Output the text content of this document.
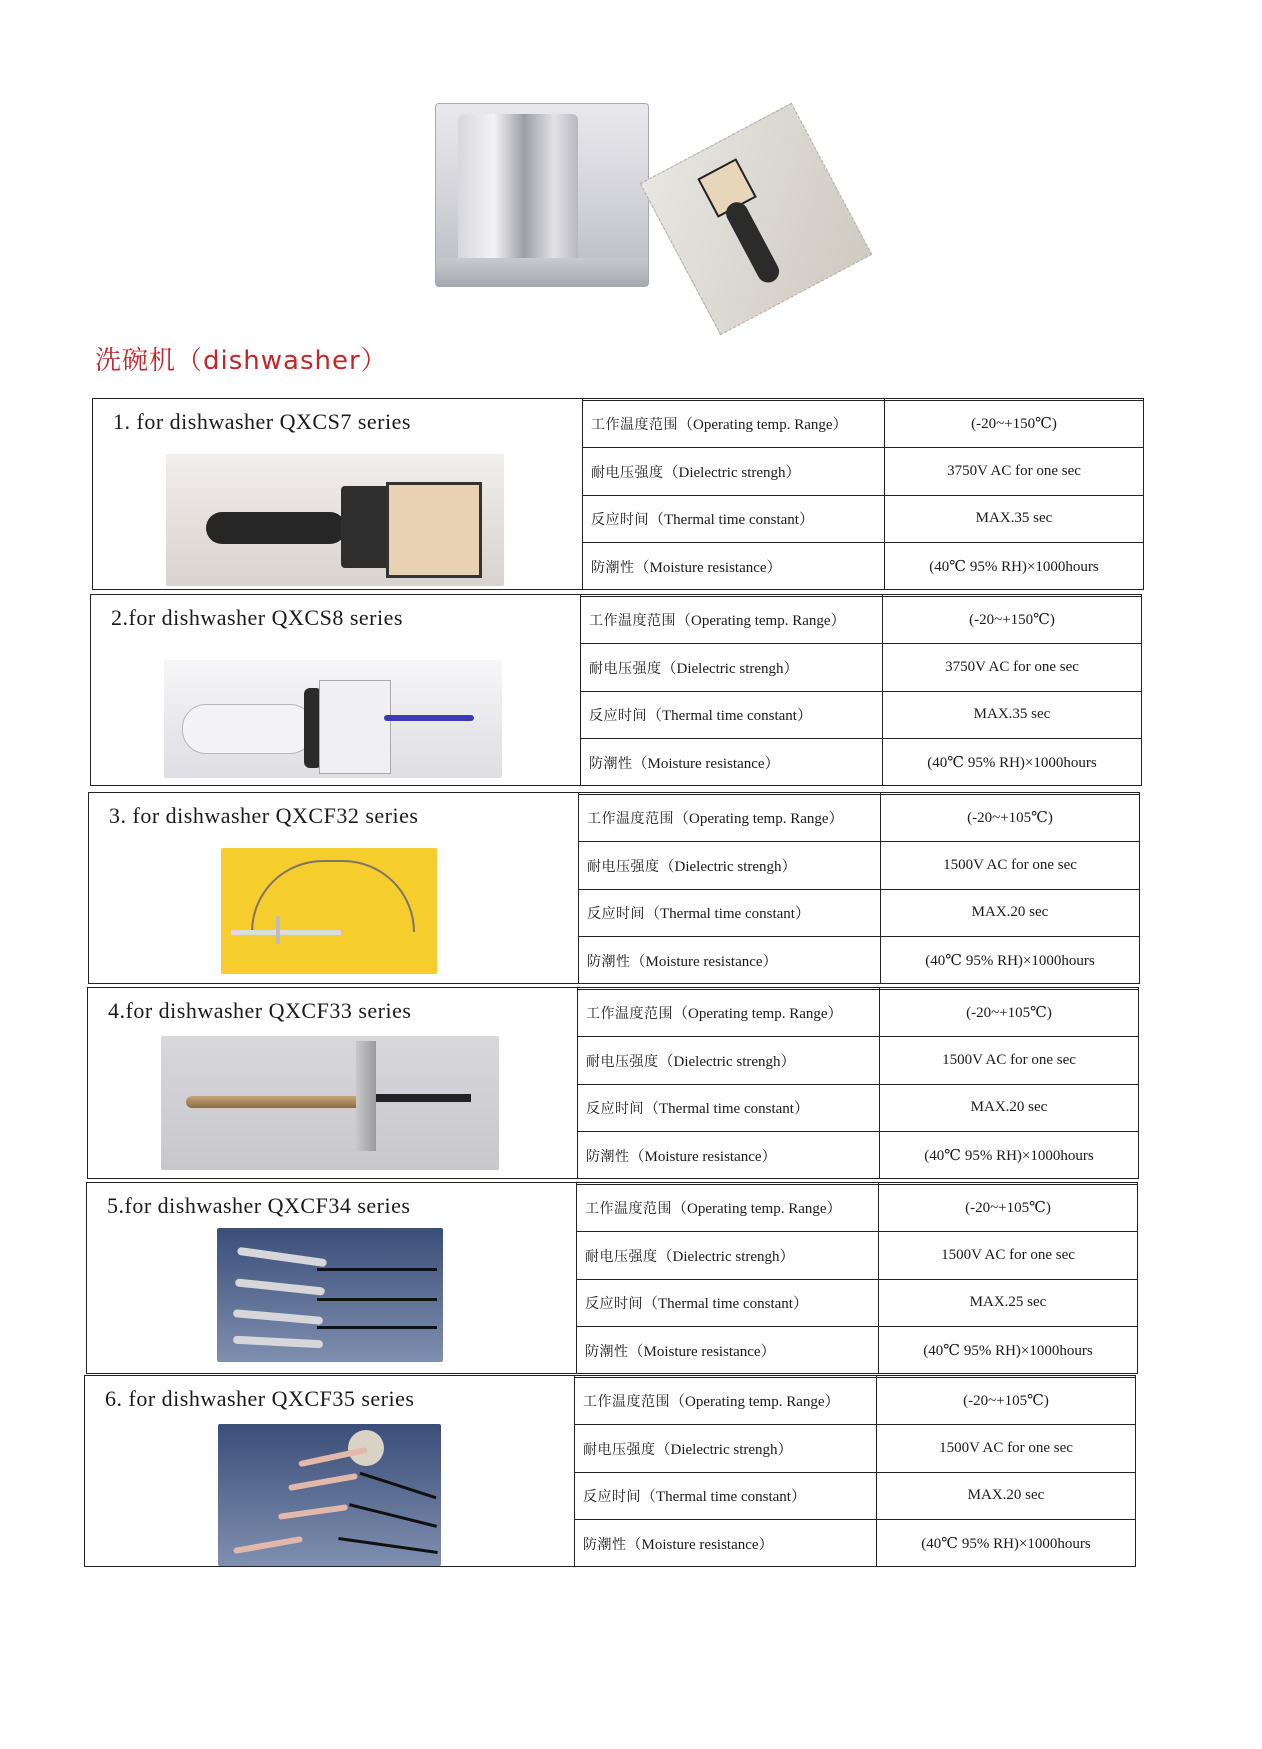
洗碗机（dishwasher）
1. for dishwasher QXCS7 series
		工作温度范围（Operating temp. Range）	(-20~+150℃)
耐电压强度（Dielectric strengh）	3750V AC for one sec
反应时间（Thermal time constant）	MAX.35 sec
防潮性（Moisture resistance）	(40℃ 95% RH)×1000hours
2.for dishwasher QXCS8 series
		工作温度范围（Operating temp. Range）	(-20~+150℃)
耐电压强度（Dielectric strengh）	3750V AC for one sec
反应时间（Thermal time constant）	MAX.35 sec
防潮性（Moisture resistance）	(40℃ 95% RH)×1000hours
3. for dishwasher QXCF32 series
		工作温度范围（Operating temp. Range）	(-20~+105℃)
耐电压强度（Dielectric strengh）	1500V AC for one sec
反应时间（Thermal time constant）	MAX.20 sec
防潮性（Moisture resistance）	(40℃ 95% RH)×1000hours
4.for dishwasher QXCF33 series
		工作温度范围（Operating temp. Range）	(-20~+105℃)
耐电压强度（Dielectric strengh）	1500V AC for one sec
反应时间（Thermal time constant）	MAX.20 sec
防潮性（Moisture resistance）	(40℃ 95% RH)×1000hours
5.for dishwasher QXCF34 series
		工作温度范围（Operating temp. Range）	(-20~+105℃)
耐电压强度（Dielectric strengh）	1500V AC for one sec
反应时间（Thermal time constant）	MAX.25 sec
防潮性（Moisture resistance）	(40℃ 95% RH)×1000hours
6. for dishwasher QXCF35 series
		工作温度范围（Operating temp. Range）	(-20~+105℃)
耐电压强度（Dielectric strengh）	1500V AC for one sec
反应时间（Thermal time constant）	MAX.20 sec
防潮性（Moisture resistance）	(40℃ 95% RH)×1000hours
